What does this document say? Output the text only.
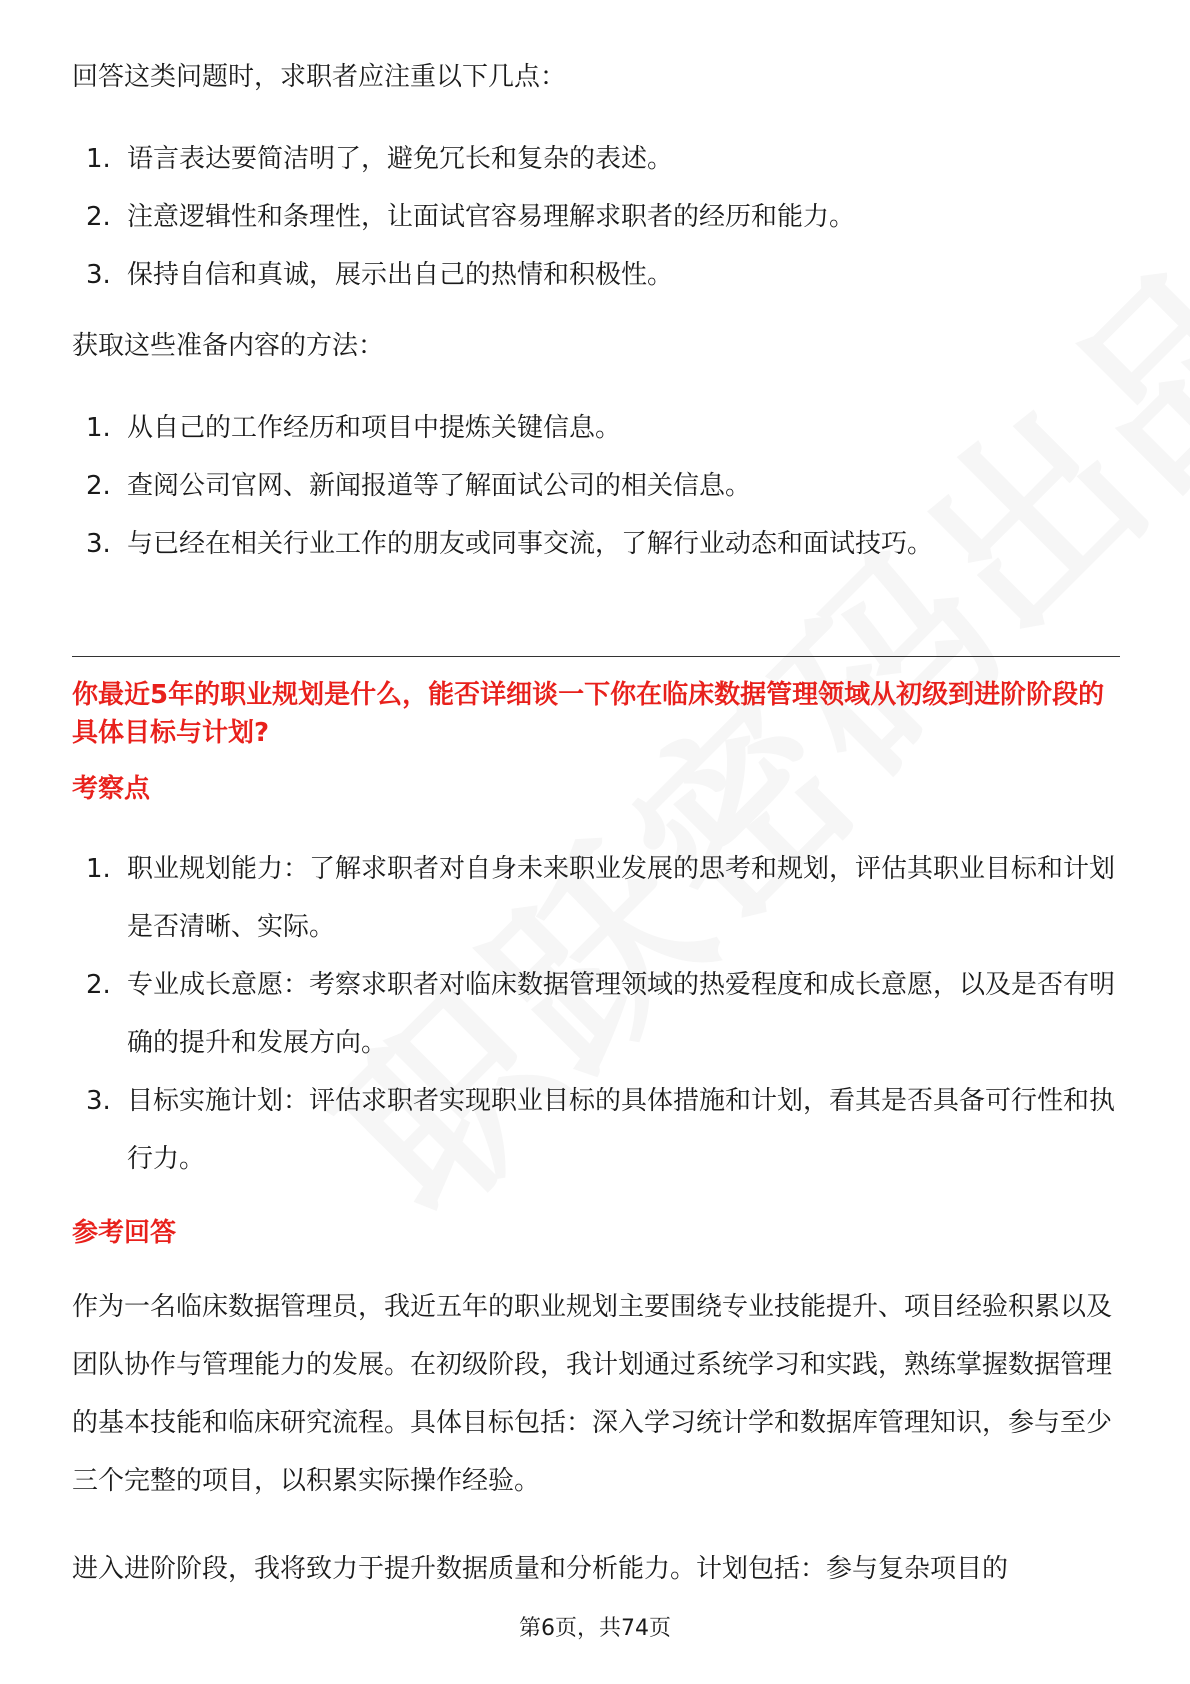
回答这类问题时，求职者应注重以下几点：

1. 语言表达要简洁明了，避免冗长和复杂的表述。
2. 注意逻辑性和条理性，让面试官容易理解求职者的经历和能力。
3. 保持自信和真诚，展示出自己的热情和积极性。

获取这些准备内容的方法：

1. 从自己的工作经历和项目中提炼关键信息。
2. 查阅公司官网、新闻报道等了解面试公司的相关信息。
3. 与已经在相关行业工作的朋友或同事交流，了解行业动态和面试技巧。
你最近5年的职业规划是什么，能否详细谈一下你在临床数据管理领域从初级到进阶阶段的具体目标与计划?
考察点
1. 职业规划能力：了解求职者对自身未来职业发展的思考和规划，评估其职业目标和计划是否清晰、实际。
2. 专业成长意愿：考察求职者对临床数据管理领域的热爱程度和成长意愿，以及是否有明确的提升和发展方向。
3. 目标实施计划：评估求职者实现职业目标的具体措施和计划，看其是否具备可行性和执行力。
参考回答

作为一名临床数据管理员，我近五年的职业规划主要围绕专业技能提升、项目经验积累以及团队协作与管理能力的发展。在初级阶段，我计划通过系统学习和实践，熟练掌握数据管理的基本技能和临床研究流程。具体目标包括：深入学习统计学和数据库管理知识，参与至少三个完整的项目，以积累实际操作经验。

进入进阶阶段，我将致力于提升数据质量和分析能力。计划包括：参与复杂项目的

第6页，共74页
